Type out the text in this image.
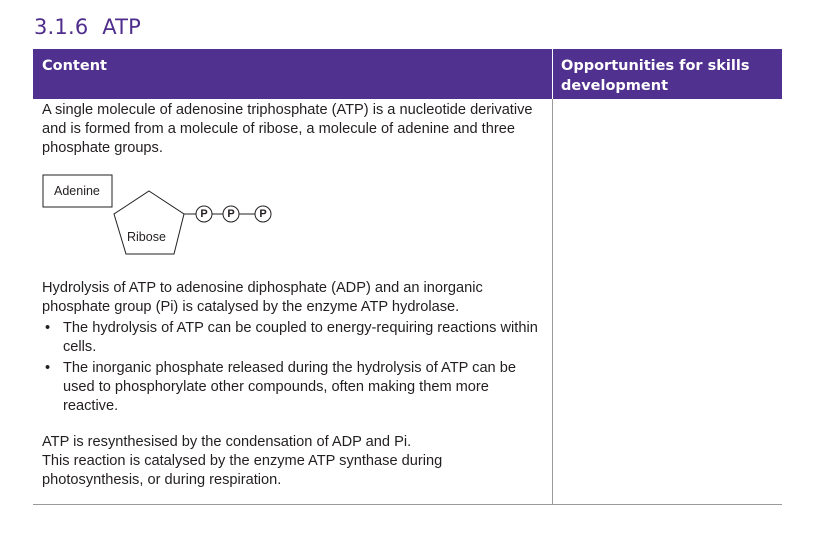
3.1.6 ATP
Content	Opportunities for skills development

A single molecule of adenosine triphosphate (ATP) is a nucleotide derivative and is formed from a molecule of ribose, a molecule of adenine and three phosphate groups.

Adenine
Ribose
P	P	P

Hydrolysis of ATP to adenosine diphosphate (ADP) and an inorganic phosphate group (Pi) is catalysed by the enzyme ATP hydrolase.

• The hydrolysis of ATP can be coupled to energy-requiring reactions within cells.
• The inorganic phosphate released during the hydrolysis of ATP can be used to phosphorylate other compounds, often making them more reactive.

ATP is resynthesised by the condensation of ADP and Pi.
This reaction is catalysed by the enzyme ATP synthase during photosynthesis, or during respiration.
